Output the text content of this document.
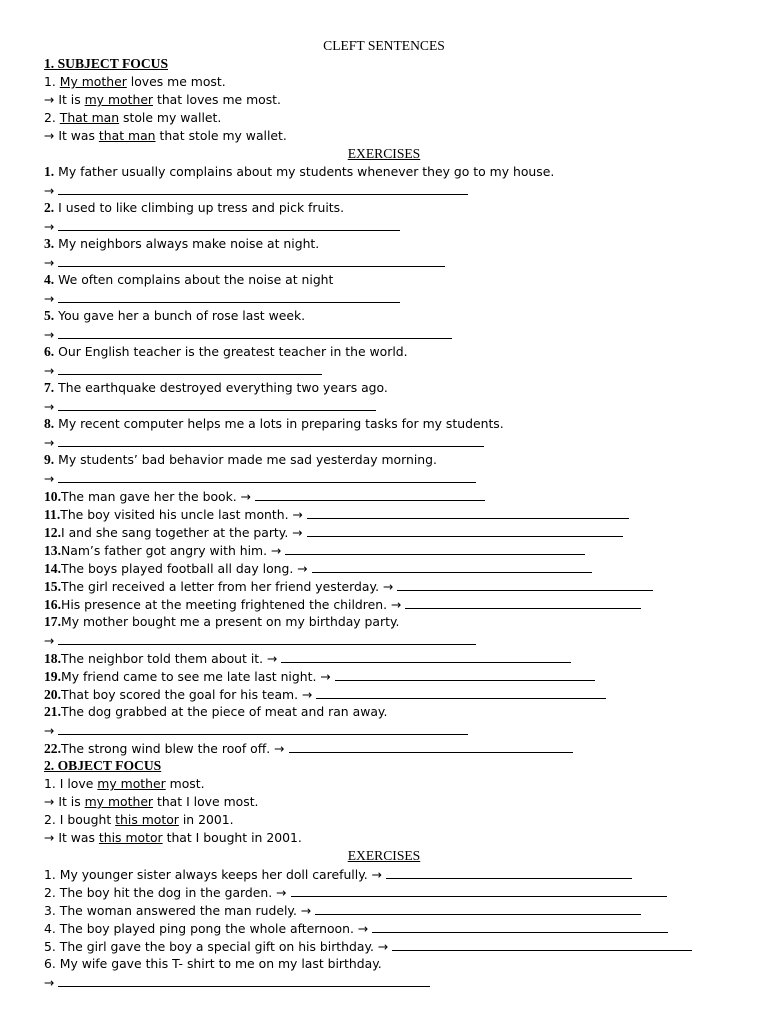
CLEFT SENTENCES
1. SUBJECT FOCUS
1. My mother loves me most.
→ It is my mother that loves me most.
2. That man stole my wallet.
→ It was that man that stole my wallet.
EXERCISES
1. My father usually complains about my students whenever they go to my house.
→
2. I used to like climbing up tress and pick fruits.
→
3. My neighbors always make noise at night.
→
4. We often complains about the noise at night
→
5. You gave her a bunch of rose last week.
→
6. Our English teacher is the greatest teacher in the world.
→
7. The earthquake destroyed everything two years ago.
→
8. My recent computer helps me a lots in preparing tasks for my students.
→
9. My students’ bad behavior made me sad yesterday morning.
→
10.The man gave her the book. →
11.The boy visited his uncle last month. →
12.I and she sang together at the party. →
13.Nam’s father got angry with him. →
14.The boys played football all day long. →
15.The girl received a letter from her friend yesterday. →
16.His presence at the meeting frightened the children. →
17.My mother bought me a present on my birthday party.
→
18.The neighbor told them about it. →
19.My friend came to see me late last night. →
20.That boy scored the goal for his team. →
21.The dog grabbed at the piece of meat and ran away.
→
22.The strong wind blew the roof off. →
2. OBJECT FOCUS
1. I love my mother most.
→ It is my mother that I love most.
2. I bought this motor in 2001.
→ It was this motor that I bought in 2001.
EXERCISES
1. My younger sister always keeps her doll carefully. →
2. The boy hit the dog in the garden. →
3. The woman answered the man rudely. →
4. The boy played ping pong the whole afternoon. →
5. The girl gave the boy a special gift on his birthday. →
6. My wife gave this T- shirt to me on my last birthday.
→
